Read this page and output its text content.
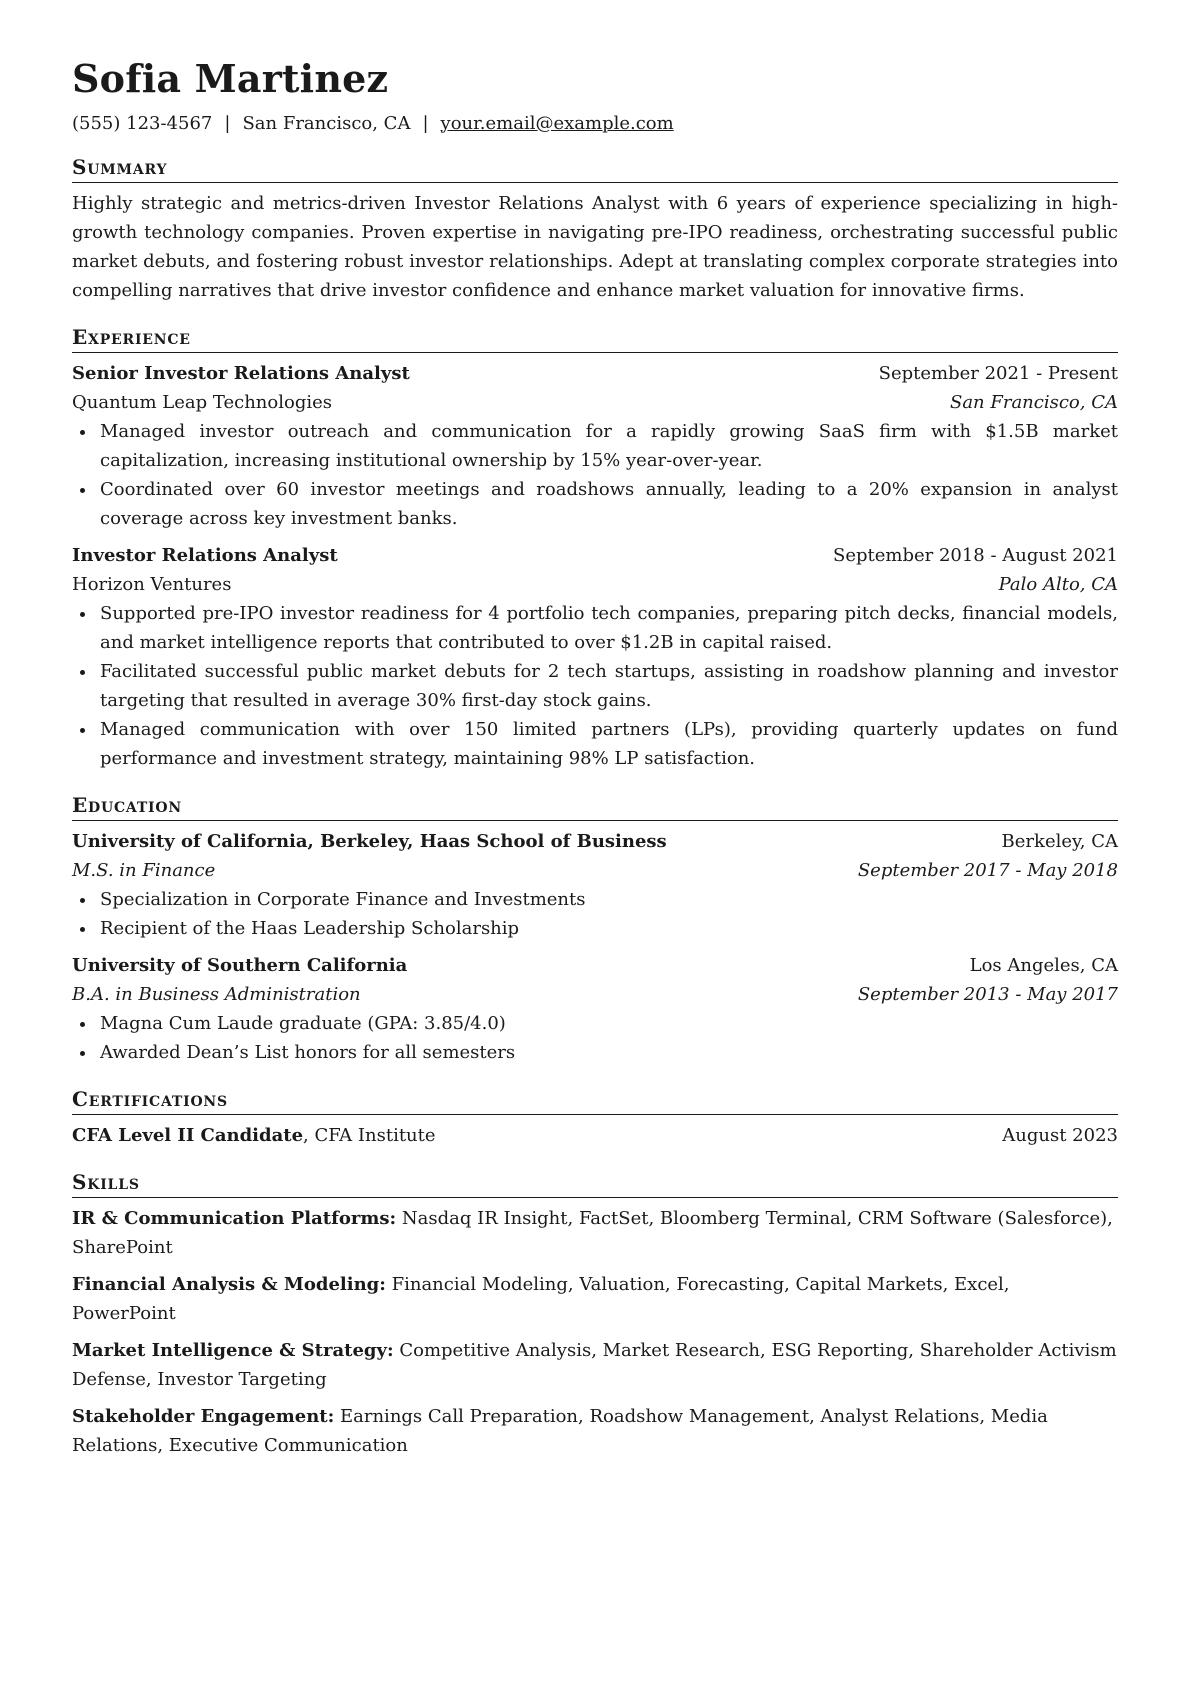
Sofia Martinez
(555) 123-4567 | San Francisco, CA | your.email@example.com
Summary

Highly strategic and metrics-driven Investor Relations Analyst with 6 years of experience specializing in high-growth technology companies. Proven expertise in navigating pre-IPO readiness, orchestrating successful public market debuts, and fostering robust investor relationships. Adept at translating complex corporate strategies into compelling narratives that drive investor confidence and enhance market valuation for innovative firms.

Experience
Senior Investor Relations Analyst	September 2021 - Present
Quantum Leap Technologies	San Francisco, CA
Managed investor outreach and communication for a rapidly growing SaaS firm with $1.5B market capitalization, increasing institutional ownership by 15% year-over-year.
Coordinated over 60 investor meetings and roadshows annually, leading to a 20% expansion in analyst coverage across key investment banks.
Investor Relations Analyst	September 2018 - August 2021
Horizon Ventures	Palo Alto, CA
Supported pre-IPO investor readiness for 4 portfolio tech companies, preparing pitch decks, financial models, and market intelligence reports that contributed to over $1.2B in capital raised.
Facilitated successful public market debuts for 2 tech startups, assisting in roadshow planning and investor targeting that resulted in average 30% first-day stock gains.
Managed communication with over 150 limited partners (LPs), providing quarterly updates on fund performance and investment strategy, maintaining 98% LP satisfaction.
Education
University of California, Berkeley, Haas School of Business	Berkeley, CA
M.S. in Finance	September 2017 - May 2018
Specialization in Corporate Finance and Investments
Recipient of the Haas Leadership Scholarship
University of Southern California	Los Angeles, CA
B.A. in Business Administration	September 2013 - May 2017
Magna Cum Laude graduate (GPA: 3.85/4.0)
Awarded Dean’s List honors for all semesters
Certifications
CFA Level II Candidate, CFA Institute	August 2023
Skills

IR & Communication Platforms: Nasdaq IR Insight, FactSet, Bloomberg Terminal, CRM Software (Salesforce), SharePoint

Financial Analysis & Modeling: Financial Modeling, Valuation, Forecasting, Capital Markets, Excel, PowerPoint

Market Intelligence & Strategy: Competitive Analysis, Market Research, ESG Reporting, Shareholder Activism Defense, Investor Targeting

Stakeholder Engagement: Earnings Call Preparation, Roadshow Management, Analyst Relations, Media Relations, Executive Communication
